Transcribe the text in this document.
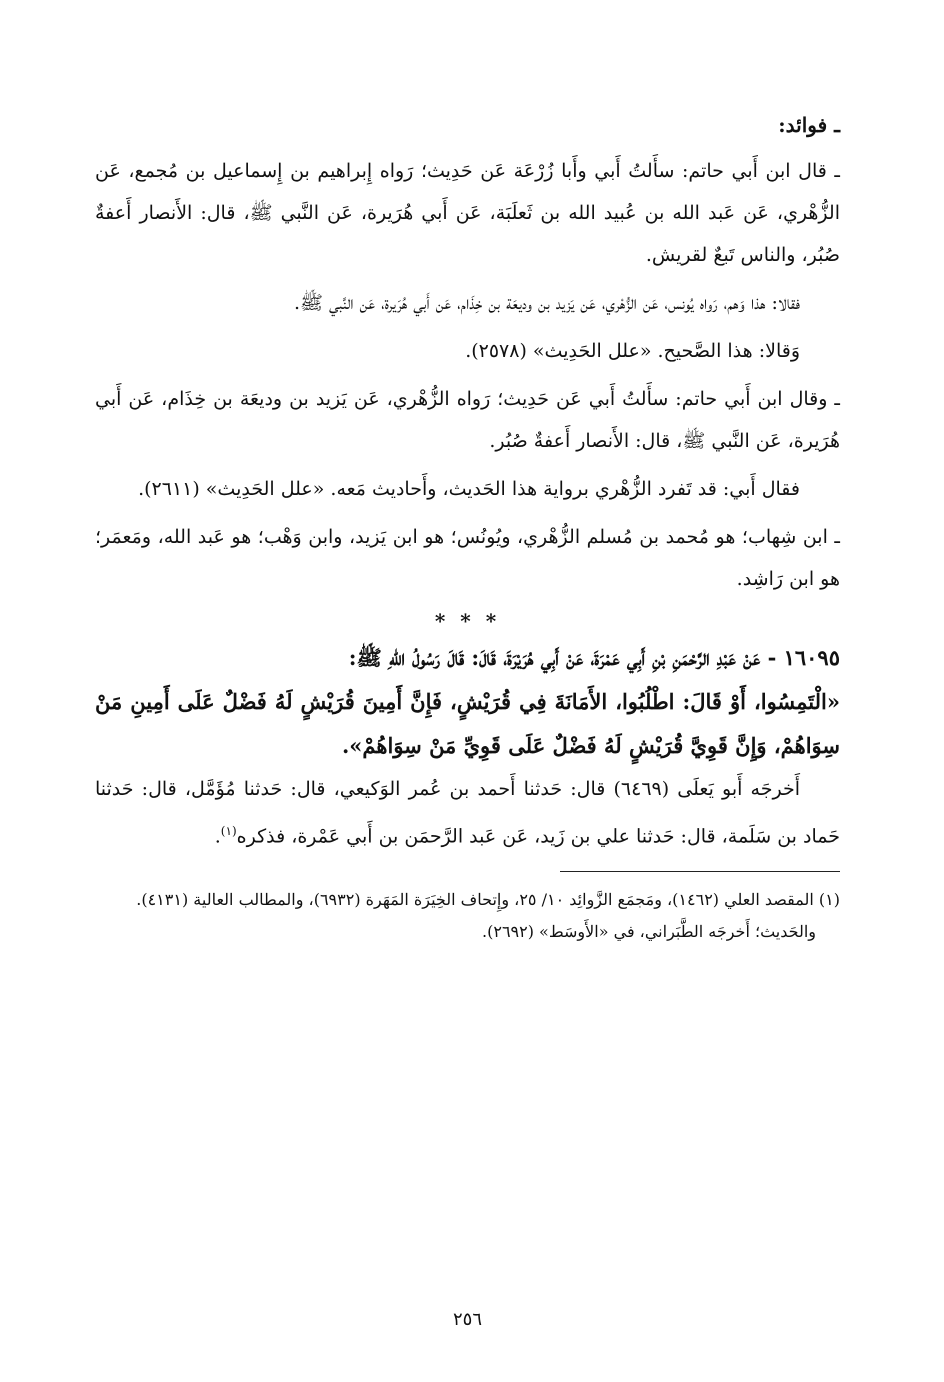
ـ فوائد:

ـ قال ابن أَبي حاتم: سأَلتُ أَبي وأَبا زُرْعَة عَن حَدِيث؛ رَواه إِبراهيم بن إِسماعيل بن مُجمع، عَن الزُّهْري، عَن عَبد الله بن عُبيد الله بن ثَعلَبَة، عَن أَبي هُرَيرة، عَن النَّبي ﷺ، قال: الأَنصار أَعفةٌ صُبُر، والناس تَبعٌ لقريش.

فقالا: هذا وَهم، رَواه يُونس، عَن الزُّهْري، عَن يَزيد بن وديعَة بن خِذَام، عَن أَبي هُرَيرة، عَن النَّبي ﷺ.

وَقالا: هذا الصَّحيح. «علل الحَدِيث» (٢٥٧٨).

ـ وقال ابن أَبي حاتم: سأَلتُ أَبي عَن حَدِيث؛ رَواه الزُّهْري، عَن يَزيد بن وديعَة بن خِذَام، عَن أَبي هُرَيرة، عَن النَّبي ﷺ، قال: الأَنصار أَعفةٌ صُبُر.

فقال أَبي: قد تَفرد الزُّهْري برواية هذا الحَديث، وأَحاديث مَعه. «علل الحَدِيث» (٢٦١١).

ـ ابن شِهاب؛ هو مُحمد بن مُسلم الزُّهْري، ويُونُس؛ هو ابن يَزيد، وابن وَهْب؛ هو عَبد الله، ومَعمَر؛ هو ابن رَاشِد.

* * *

١٦٠٩٥ - عَنْ عَبْدِ الرَّحْمَنِ بْنِ أَبِي عَمْرَةَ، عَنْ أَبِي هُرَيْرَةَ، قَالَ: قَالَ رَسُولُ اللهِ ﷺ:

«الْتَمِسُوا، أَوْ قَالَ: اطْلُبُوا، الأَمَانَةَ فِي قُرَيْشٍ، فَإِنَّ أَمِينَ قُرَيْشٍ لَهُ فَضْلٌ عَلَى أَمِينِ مَنْ سِوَاهُمْ، وَإِنَّ قَوِيَّ قُرَيْشٍ لَهُ فَضْلٌ عَلَى قَوِيِّ مَنْ سِوَاهُمْ».

أَخرجَه أَبو يَعلَى (٦٤٦٩) قال: حَدثنا أَحمد بن عُمر الوَكيعي، قال: حَدثنا مُؤَمَّل، قال: حَدثنا حَماد بن سَلَمة، قال: حَدثنا علي بن زَيد، عَن عَبد الرَّحمَن بن أَبي عَمْرة، فذكره$^{(١)}$.

(١) المقصد العلي (١٤٦٢)، ومَجمَع الزَّوائِد ١٠/ ٢٥، وإِتحاف الخِيَرَة المَهَرة (٦٩٣٢)، والمطالب العالية (٤١٣١).

والحَديث؛ أَخرجَه الطَّبَراني، في «الأَوسَط» (٢٦٩٢).

٢٥٦
